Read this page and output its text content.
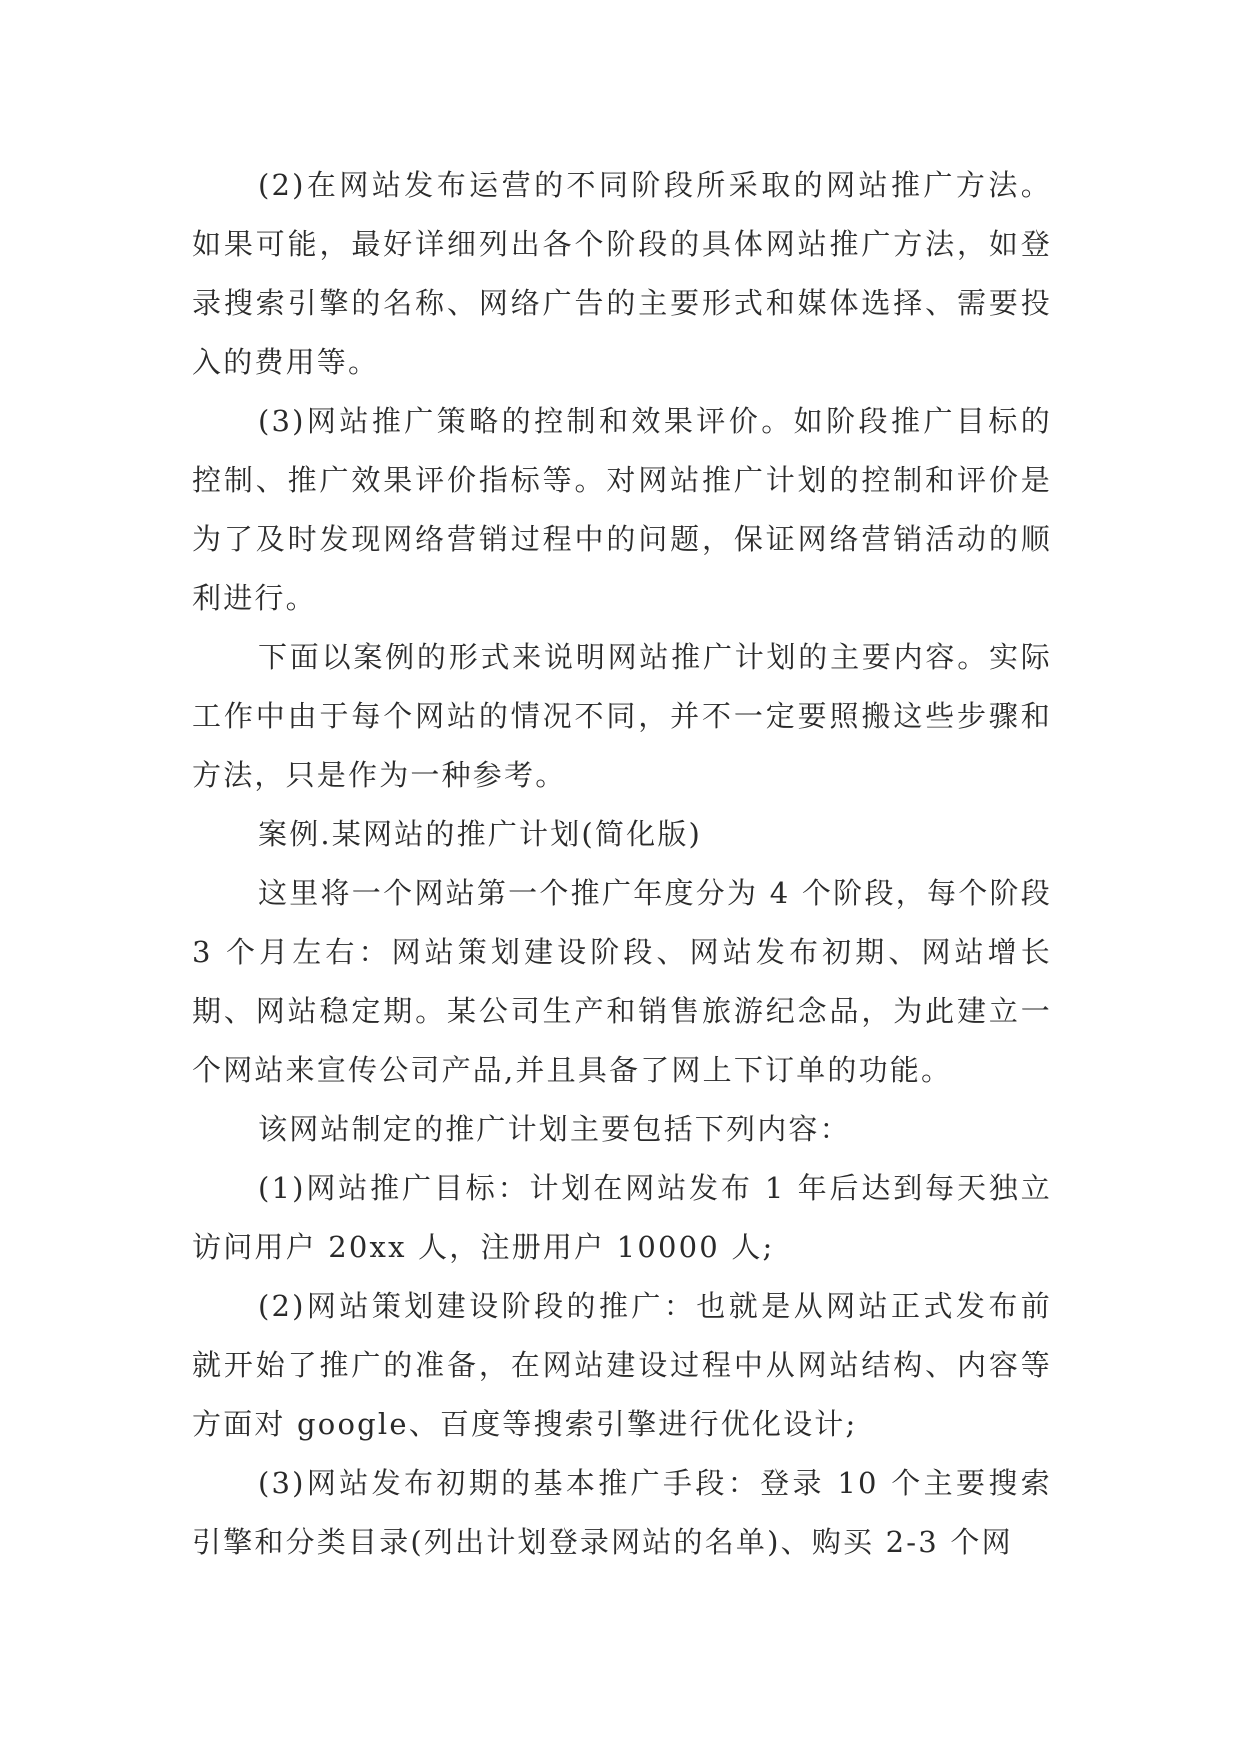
(2)在网站发布运营的不同阶段所采取的网站推广方法。如果可能，最好详细列出各个阶段的具体网站推广方法，如登录搜索引擎的名称、网络广告的主要形式和媒体选择、需要投入的费用等。

(3)网站推广策略的控制和效果评价。如阶段推广目标的控制、推广效果评价指标等。对网站推广计划的控制和评价是为了及时发现网络营销过程中的问题，保证网络营销活动的顺利进行。

下面以案例的形式来说明网站推广计划的主要内容。实际工作中由于每个网站的情况不同，并不一定要照搬这些步骤和方法，只是作为一种参考。

案例.某网站的推广计划(简化版)

这里将一个网站第一个推广年度分为 4 个阶段，每个阶段 3 个月左右：网站策划建设阶段、网站发布初期、网站增长期、网站稳定期。某公司生产和销售旅游纪念品，为此建立一个网站来宣传公司产品,并且具备了网上下订单的功能。

该网站制定的推广计划主要包括下列内容：

(1)网站推广目标：计划在网站发布 1 年后达到每天独立访问用户 20xx 人，注册用户 10000 人;

(2)网站策划建设阶段的推广：也就是从网站正式发布前就开始了推广的准备，在网站建设过程中从网站结构、内容等方面对 google、百度等搜索引擎进行优化设计;

(3)网站发布初期的基本推广手段：登录 10 个主要搜索引擎和分类目录(列出计划登录网站的名单)、购买 2-3 个网
